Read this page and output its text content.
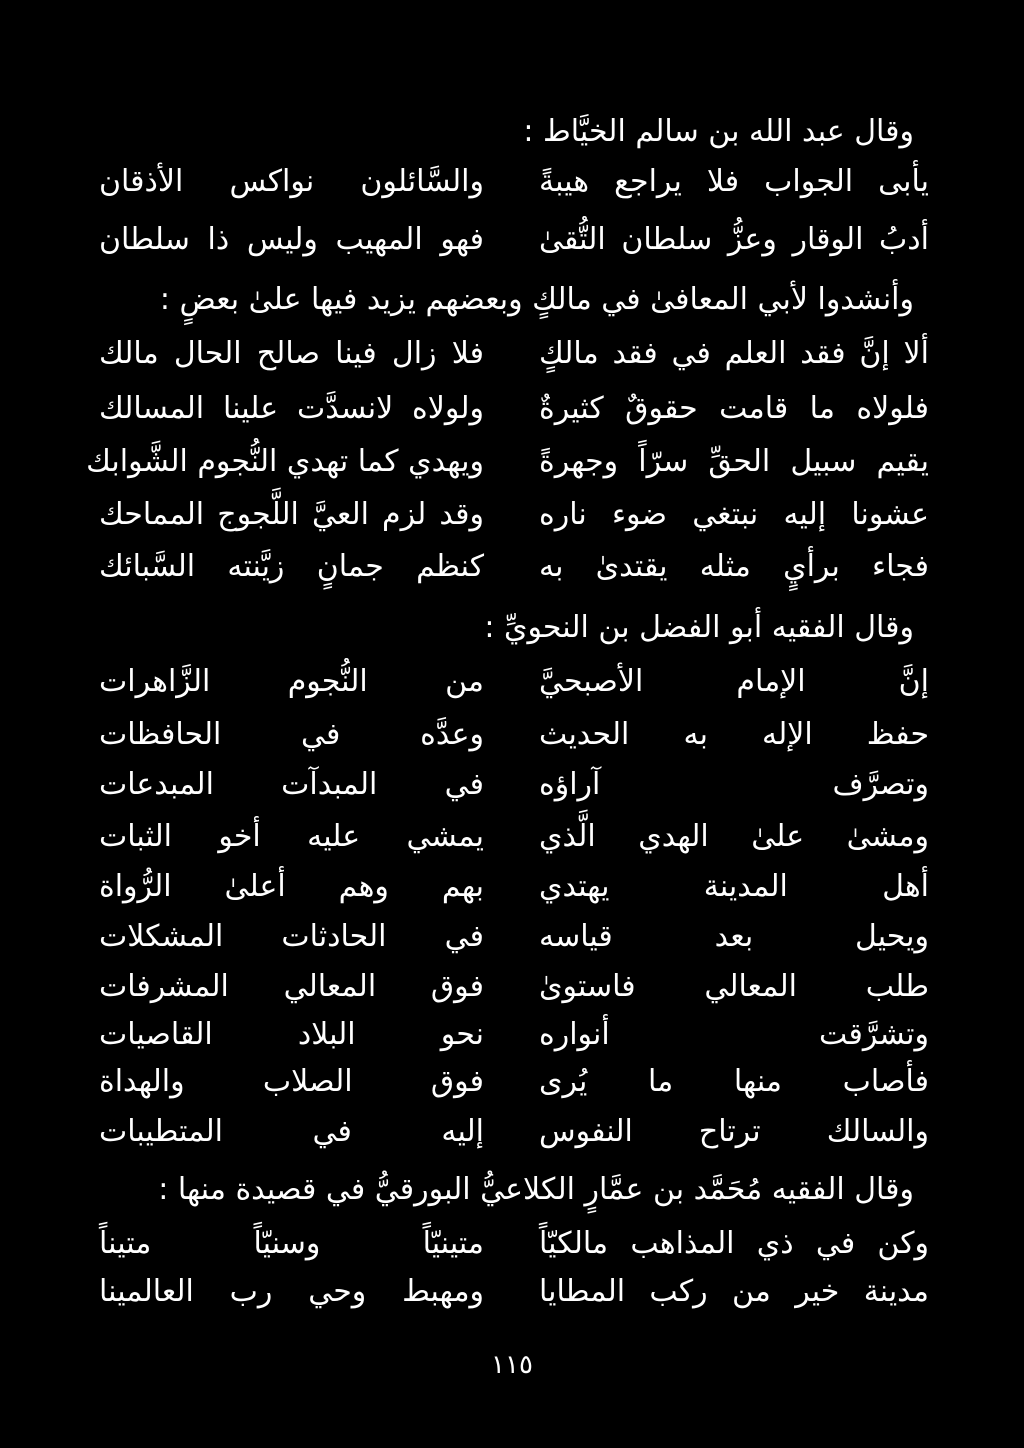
وقال عبد الله بن سالم الخيَّاط :
يأبى الجواب فلا يراجع هيبةً
والسَّائلون نواكس الأذقان
أدبُ الوقار وعزُّ سلطان التُّقىٰ
فهو المهيب وليس ذا سلطان
وأنشدوا لأبي المعافىٰ في مالكٍ وبعضهم يزيد فيها علىٰ بعضٍ :
ألا إنَّ فقد العلم في فقد مالكٍ
فلا زال فينا صالح الحال مالك
فلولاه ما قامت حقوقٌ كثيرةٌ
ولولاه لانسدَّت علينا المسالك
يقيم سبيل الحقِّ سرّاً وجهرةً
ويهدي كما تهدي النُّجوم الشَّوابك
عشونا إليه نبتغي ضوء ناره
وقد لزم العيَّ اللَّجوج المماحك
فجاء برأيٍ مثله يقتدىٰ به
كنظم جمانٍ زيَّنته السَّبائك
وقال الفقيه أبو الفضل بن النحويِّ :
إنَّ الإمام الأصبحيَّ
من النُّجوم الزَّاهرات
حفظ الإله به الحديث
وعدَّه في الحافظات
وتصرَّف آراؤه
في المبدآت المبدعات
ومشىٰ علىٰ الهدي الَّذي
يمشي عليه أخو الثبات
أهل المدينة يهتدي
بهم وهم أعلىٰ الرُّواة
ويحيل بعد قياسه
في الحادثات المشكلات
طلب المعالي فاستوىٰ
فوق المعالي المشرفات
وتشرَّقت أنواره
نحو البلاد القاصيات
فأصاب منها ما يُرى
فوق الصلاب والهداة
والسالك ترتاح النفوس
إليه في المتطيبات
وقال الفقيه مُحَمَّد بن عمَّارٍ الكلاعيُّ البورقيُّ في قصيدة منها :
وكن في ذي المذاهب مالكيّاً
متينيّاً وسنيّاً متيناً
مدينة خير من ركب المطايا
ومهبط وحي رب العالمينا
١١٥
